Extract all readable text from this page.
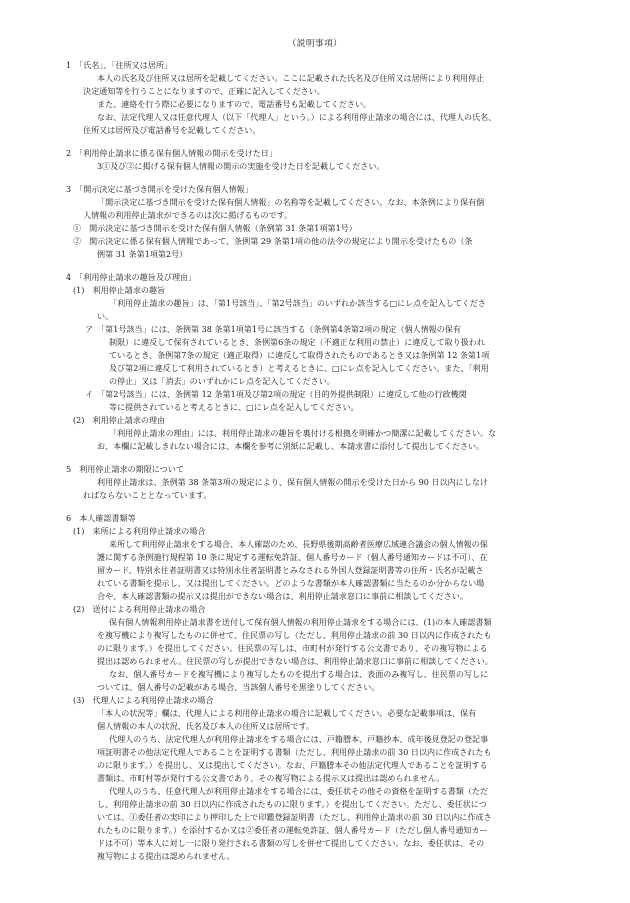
（説明事項）
1　「氏名」、「住所又は居所」
本人の氏名及び住所又は居所を記載してください。ここに記載された氏名及び住所又は居所により利用停止
決定通知等を行うことになりますので、正確に記入してください。
また、連絡を行う際に必要になりますので、電話番号も記載してください。
なお、法定代理人又は任意代理人（以下「代理人」という。）による利用停止請求の場合には、代理人の氏名、
住所又は居所及び電話番号を記載してください。
2　「利用停止請求に係る保有個人情報の開示を受けた日」
3①及び②に掲げる保有個人情報の開示の実施を受けた日を記載してください。
3　「開示決定に基づき開示を受けた保有個人情報」
「開示決定に基づき開示を受けた保有個人情報」の名称等を記載してください。なお、本条例により保有個
人情報の利用停止請求ができるのは次に掲げるものです。
①　開示決定に基づき開示を受けた保有個人情報（条例第 31 条第1項第1号）
②　開示決定に係る保有個人情報であって、条例第 29 条第1項の他の法令の規定により開示を受けたもの（条
例第 31 条第1項第2号）
4　「利用停止請求の趣旨及び理由」
(1)　利用停止請求の趣旨
「利用停止請求の趣旨」は、「第1号該当」、「第2号該当」のいずれか該当する□にレ点を記入してくださ
い。
ア　「第1号該当」には、条例第 38 条第1項第1号に該当する（条例第4条第2項の規定（個人情報の保有
制限）に違反して保有されているとき、条例第6条の規定（不適正な利用の禁止）に違反して取り扱われ
ているとき、条例第7条の規定（適正取得）に違反して取得されたものであるとき又は条例第 12 条第1項
及び第2項に違反して利用されているとき）と考えるときに、□にレ点を記入してください。また、「利用
の停止」又は「消去」のいずれかにレ点を記入してください。
イ　「第2号該当」には、条例第 12 条第1項及び第2項の規定（目的外提供制限）に違反して他の行政機関
等に提供されていると考えるときに、□にレ点を記入してください。
(2)　利用停止請求の理由
「利用停止請求の理由」には、利用停止請求の趣旨を裏付ける根拠を明確かつ簡潔に記載してください。な
お、本欄に記載しきれない場合には、本欄を参考に別紙に記載し、本請求書に添付して提出してください。
5　利用停止請求の期限について
利用停止請求は、条例第 38 条第3項の規定により、保有個人情報の開示を受けた日から 90 日以内にしなけ
ればならないこととなっています。
6　本人確認書類等
(1)　来所による利用停止請求の場合
来所して利用停止請求をする場合、本人確認のため、長野県後期高齢者医療広域連合議会の個人情報の保
護に関する条例施行規程第 10 条に規定する運転免許証、個人番号カード（個人番号通知カードは不可）、在
留カード、特別永住者証明書又は特別永住者証明書とみなされる外国人登録証明書等の住所・氏名が記載さ
れている書類を提示し、又は提出してください。どのような書類が本人確認書類に当たるのか分からない場
合や、本人確認書類の提示又は提出ができない場合は、利用停止請求窓口に事前に相談してください。
(2)　送付による利用停止請求の場合
保有個人情報利用停止請求書を送付して保有個人情報の利用停止請求をする場合には、(1)の本人確認書類
を複写機により複写したものに併せて、住民票の写し（ただし、利用停止請求の前 30 日以内に作成されたも
のに限ります。）を提出してください。住民票の写しは、市町村が発行する公文書であり、その複写物による
提出は認められません。住民票の写しが提出できない場合は、利用停止請求窓口に事前に相談してください。
なお、個人番号カードを複写機により複写したものを提出する場合は、表面のみ複写し、住民票の写しに
ついては、個人番号の記載がある場合、当該個人番号を黒塗りしてください。
(3)　代理人による利用停止請求の場合
「本人の状況等」欄は、代理人による利用停止請求の場合に記載してください。必要な記載事項は、保有
個人情報の本人の状況、氏名及び本人の住所又は居所です。
代理人のうち、法定代理人が利用停止請求をする場合には、戸籍謄本、戸籍抄本、成年後見登記の登記事
項証明書その他法定代理人であることを証明する書類（ただし、利用停止請求の前 30 日以内に作成されたも
のに限ります。）を提出し、又は提出してください。なお、戸籍謄本その他法定代理人であることを証明する
書類は、市町村等が発行する公文書であり、その複写物による提示又は提出は認められません。
代理人のうち、任意代理人が利用停止請求をする場合には、委任状その他その資格を証明する書類（ただ
し、利用停止請求の前 30 日以内に作成されたものに限ります。）を提出してください。ただし、委任状につ
いては、①委任者の実印により押印した上で印鑑登録証明書（ただし、利用停止請求の前 30 日以内に作成さ
れたものに限ります。）を添付するか又は②委任者の運転免許証、個人番号カード（ただし個人番号通知カー
ドは不可）等本人に対し一に限り発行される書類の写しを併せて提出してください。なお、委任状は、その
複写物による提出は認められません。
